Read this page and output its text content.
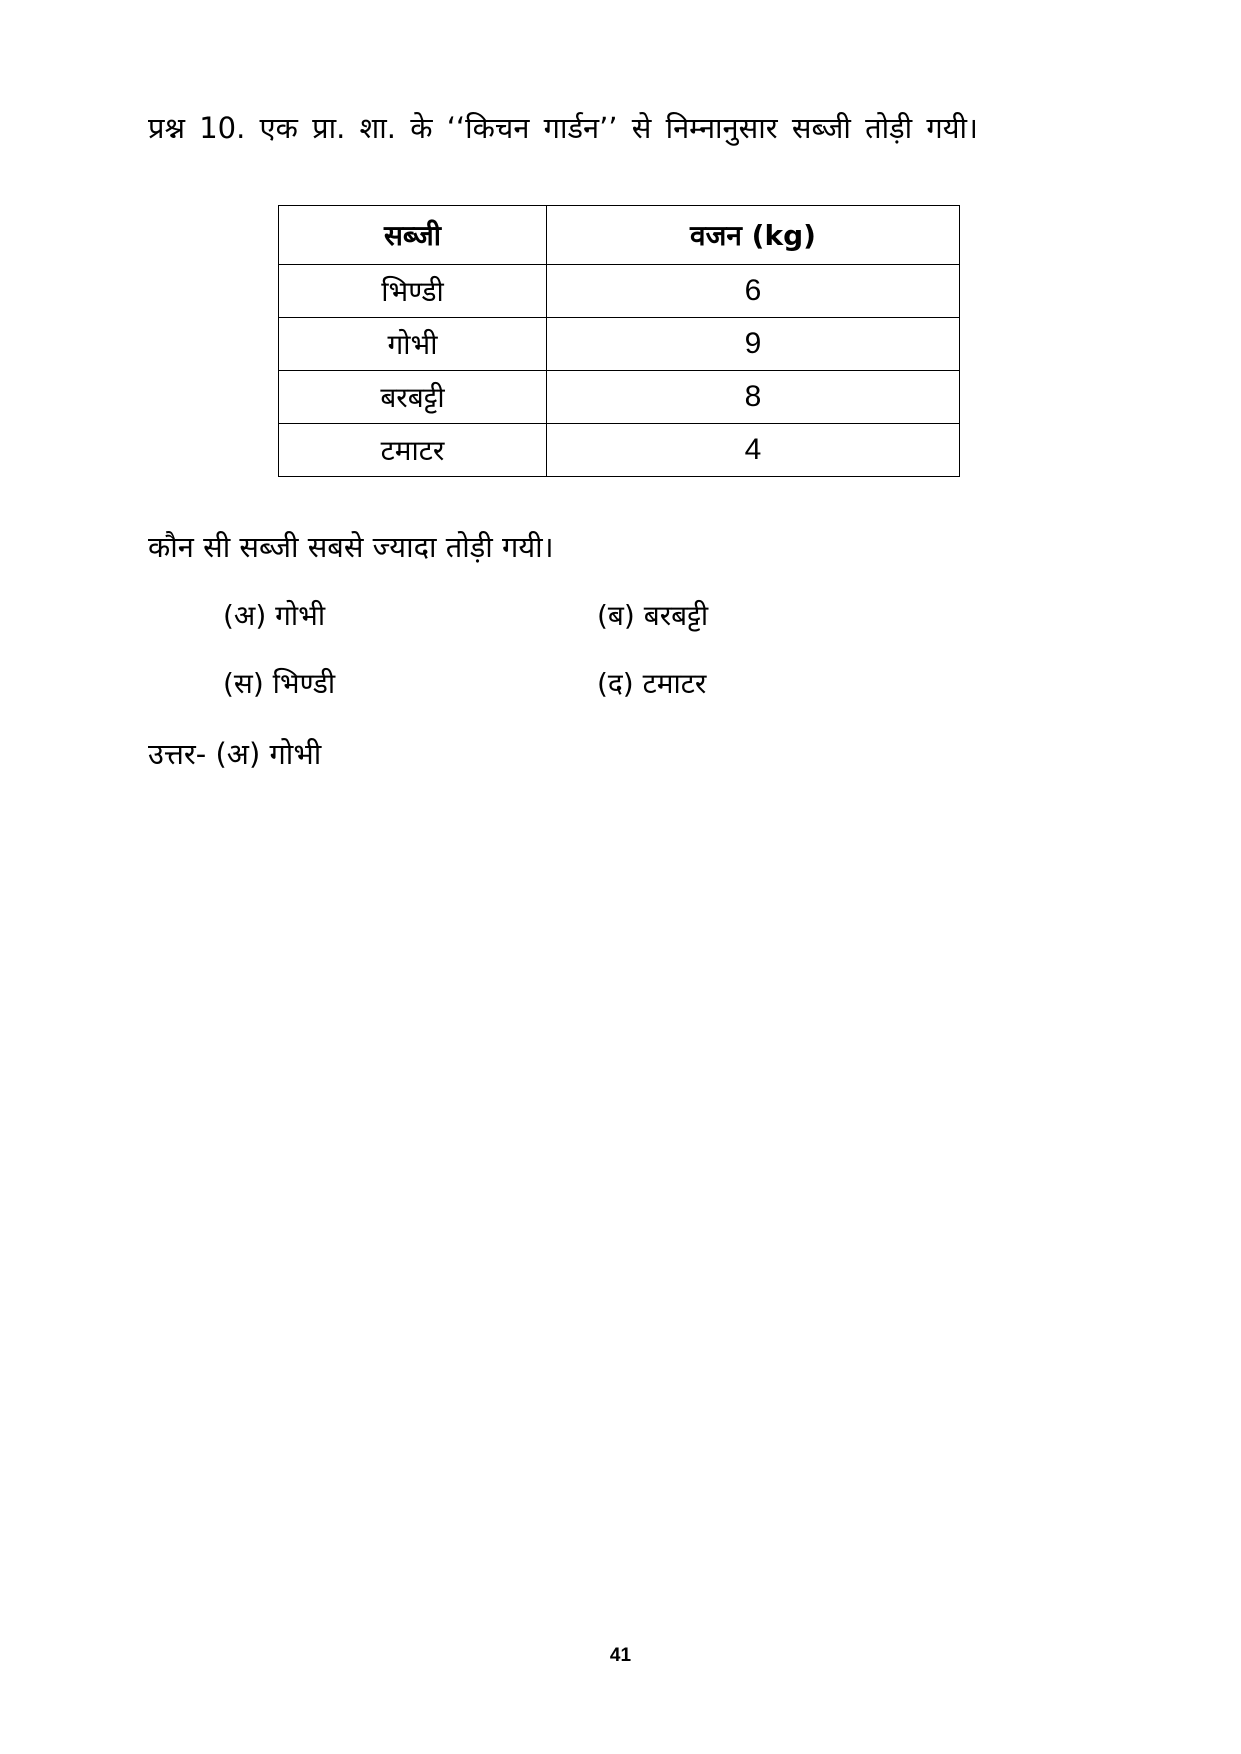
प्रश्न 10. एक प्रा. शा. के ‘‘किचन गार्डन’’ से निम्नानुसार सब्जी तोड़ी गयी।
सब्जी	वजन (kg)
भिण्डी	6
गोभी	9
बरबट्टी	8
टमाटर	4
कौन सी सब्जी सबसे ज्यादा तोड़ी गयी।
(अ) गोभी	(ब) बरबट्टी
(स) भिण्डी	(द) टमाटर
उत्तर- (अ) गोभी
41
